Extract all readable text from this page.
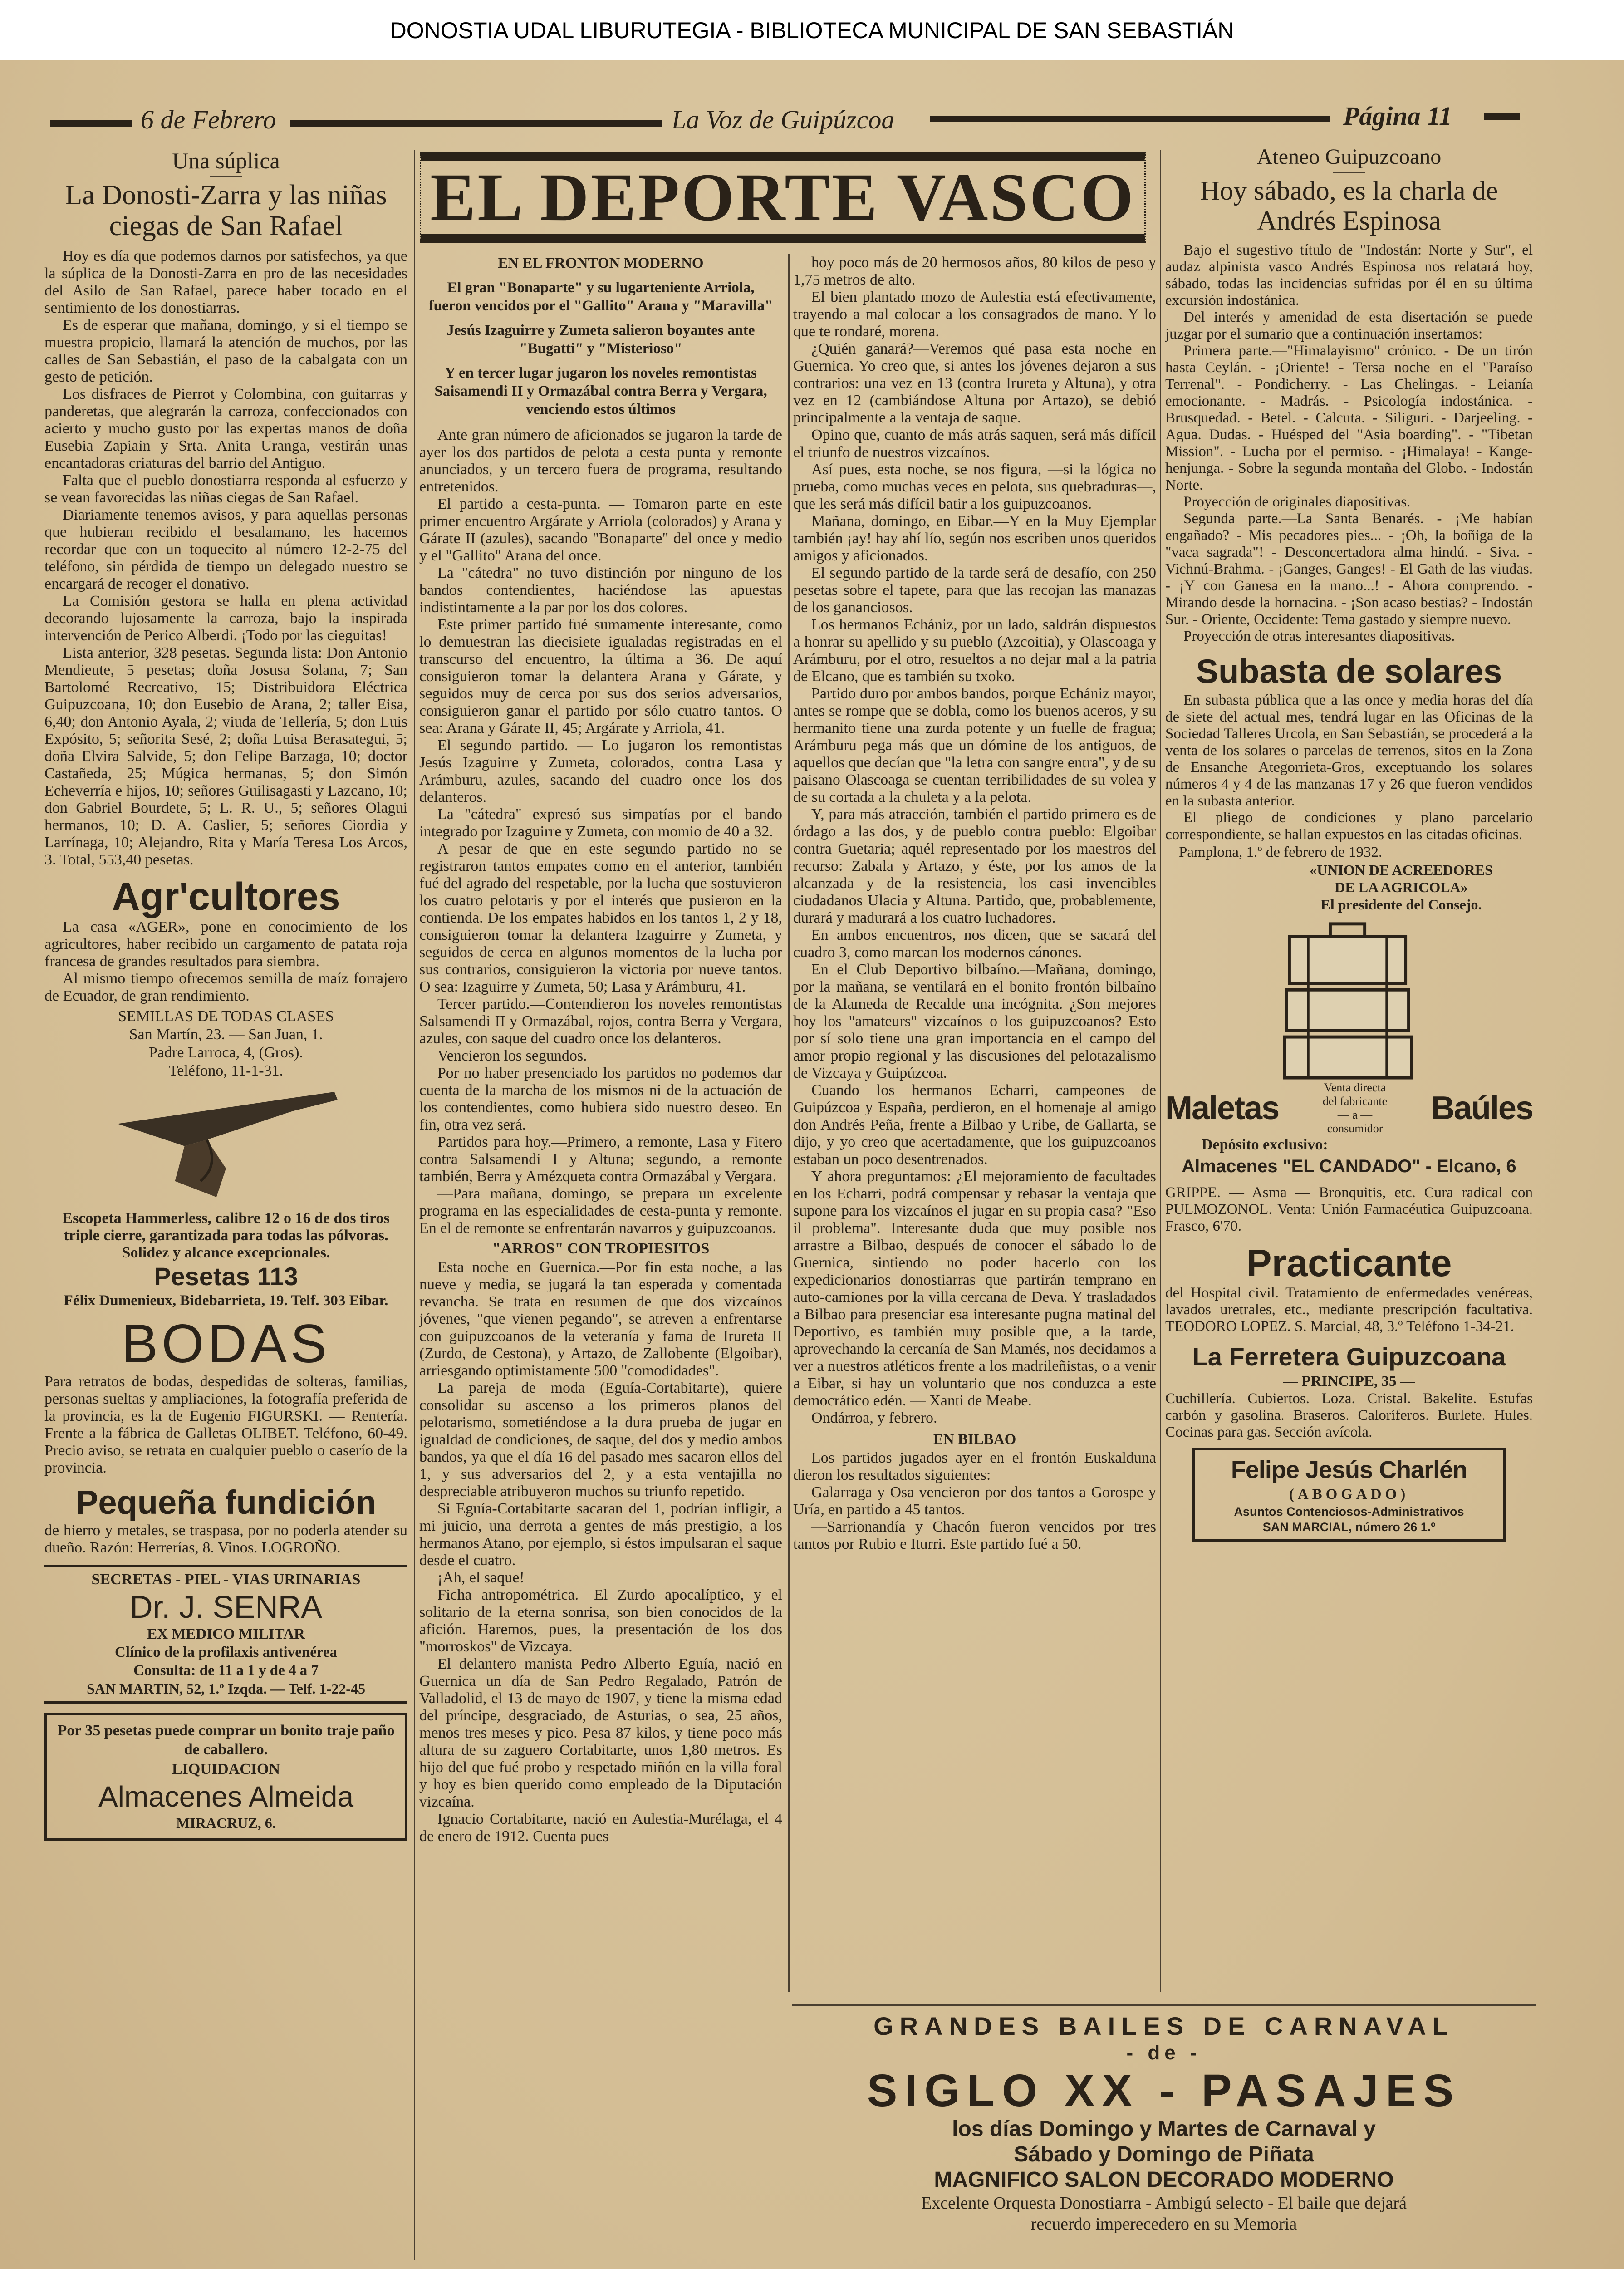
DONOSTIA UDAL LIBURUTEGIA - BIBLIOTECA MUNICIPAL DE SAN SEBASTIÁN
6 de Febrero	La Voz de Guipúzcoa	Página 11
Una súplica
La Donosti-Zarra y las niñas ciegas de San Rafael

Hoy es día que podemos darnos por satisfechos, ya que la súplica de la Donosti-Zarra en pro de las necesidades del Asilo de San Rafael, parece haber tocado en el sentimiento de los donostiarras.

Es de esperar que mañana, domingo, y si el tiempo se muestra propicio, llamará la atención de muchos, por las calles de San Sebastián, el paso de la cabalgata con un gesto de petición.

Los disfraces de Pierrot y Colombina, con guitarras y panderetas, que alegrarán la carroza, confeccionados con acierto y mucho gusto por las expertas manos de doña Eusebia Zapiain y Srta. Anita Uranga, vestirán unas encantadoras criaturas del barrio del Antiguo.

Falta que el pueblo donostiarra responda al esfuerzo y se vean favorecidas las niñas ciegas de San Rafael.

Diariamente tenemos avisos, y para aquellas personas que hubieran recibido el besalamano, les hacemos recordar que con un toquecito al número 12-2-75 del teléfono, sin pérdida de tiempo un delegado nuestro se encargará de recoger el donativo.

La Comisión gestora se halla en plena actividad decorando lujosamente la carroza, bajo la inspirada intervención de Perico Alberdi. ¡Todo por las cieguitas!

Lista anterior, 328 pesetas. Segunda lista: Don Antonio Mendieute, 5 pesetas; doña Josusa Solana, 7; San Bartolomé Recreativo, 15; Distribuidora Eléctrica Guipuzcoana, 10; don Eusebio de Arana, 2; taller Eisa, 6,40; don Antonio Ayala, 2; viuda de Tellería, 5; don Luis Expósito, 5; señorita Sesé, 2; doña Luisa Berasategui, 5; doña Elvira Salvide, 5; don Felipe Barzaga, 10; doctor Castañeda, 25; Múgica hermanas, 5; don Simón Echeverría e hijos, 10; señores Guilisagasti y Lazcano, 10; don Gabriel Bourdete, 5; L. R. U., 5; señores Olagui hermanos, 10; D. A. Caslier, 5; señores Ciordia y Larrínaga, 10; Alejandro, Rita y María Teresa Los Arcos, 3. Total, 553,40 pesetas.

Agr'cultores

La casa «AGER», pone en conocimiento de los agricultores, haber recibido un cargamento de patata roja francesa de grandes resultados para siembra.

Al mismo tiempo ofrecemos semilla de maíz forrajero de Ecuador, de gran rendimiento.

SEMILLAS DE TODAS CLASES

San Martín, 23. — San Juan, 1.

Padre Larroca, 4, (Gros).

Teléfono, 11-1-31.

Escopeta Hammerless, calibre 12 o 16 de dos tiros triple cierre, garantizada para todas las pólvoras. Solidez y alcance excepcionales.
Pesetas 113
Félix Dumenieux, Bidebarrieta, 19. Telf. 303 Eibar.
BODAS
Para retratos de bodas, despedidas de solteras, familias, personas sueltas y ampliaciones, la fotografía preferida de la provincia, es la de Eugenio FIGURSKI. — Rentería. Frente a la fábrica de Galletas OLIBET. Teléfono, 60-49. Precio aviso, se retrata en cualquier pueblo o caserío de la provincia.
Pequeña fundición
de hierro y metales, se traspasa, por no poderla atender su dueño. Razón: Herrerías, 8. Vinos. LOGROÑO.
SECRETAS - PIEL - VIAS URINARIAS
Dr. J. SENRA
EX MEDICO MILITAR
Clínico de la profilaxis antivenérea
Consulta: de 11 a 1 y de 4 a 7
SAN MARTIN, 52, 1.º Izqda. — Telf. 1-22-45
Por 35 pesetas puede comprar un bonito traje paño de caballero.
LIQUIDACION
Almacenes Almeida
MIRACRUZ, 6.
EL DEPORTE VASCO
EN EL FRONTON MODERNO
El gran "Bonaparte" y su lugarteniente Arriola, fueron vencidos por el "Gallito" Arana y "Maravilla"
Jesús Izaguirre y Zumeta salieron boyantes ante "Bugatti" y "Misterioso"
Y en tercer lugar jugaron los noveles remontistas Saisamendi II y Ormazábal contra Berra y Vergara, venciendo estos últimos

Ante gran número de aficionados se jugaron la tarde de ayer los dos partidos de pelota a cesta punta y remonte anunciados, y un tercero fuera de programa, resultando entretenidos.

El partido a cesta-punta. — Tomaron parte en este primer encuentro Argárate y Arriola (colorados) y Arana y Gárate II (azules), sacando "Bonaparte" del once y medio y el "Gallito" Arana del once.

La "cátedra" no tuvo distinción por ninguno de los bandos contendientes, haciéndose las apuestas indistintamente a la par por los dos colores.

Este primer partido fué sumamente interesante, como lo demuestran las diecisiete igualadas registradas en el transcurso del encuentro, la última a 36. De aquí consiguieron tomar la delantera Arana y Gárate, y seguidos muy de cerca por sus dos serios adversarios, consiguieron ganar el partido por sólo cuatro tantos. O sea: Arana y Gárate II, 45; Argárate y Arriola, 41.

El segundo partido. — Lo jugaron los remontistas Jesús Izaguirre y Zumeta, colorados, contra Lasa y Arámburu, azules, sacando del cuadro once los dos delanteros.

La "cátedra" expresó sus simpatías por el bando integrado por Izaguirre y Zumeta, con momio de 40 a 32.

A pesar de que en este segundo partido no se registraron tantos empates como en el anterior, también fué del agrado del respetable, por la lucha que sostuvieron los cuatro pelotaris y por el interés que pusieron en la contienda. De los empates habidos en los tantos 1, 2 y 18, consiguieron tomar la delantera Izaguirre y Zumeta, y seguidos de cerca en algunos momentos de la lucha por sus contrarios, consiguieron la victoria por nueve tantos. O sea: Izaguirre y Zumeta, 50; Lasa y Arámburu, 41.

Tercer partido.—Contendieron los noveles remontistas Salsamendi II y Ormazábal, rojos, contra Berra y Vergara, azules, con saque del cuadro once los delanteros.

Vencieron los segundos.

Por no haber presenciado los partidos no podemos dar cuenta de la marcha de los mismos ni de la actuación de los contendientes, como hubiera sido nuestro deseo. En fin, otra vez será.

Partidos para hoy.—Primero, a remonte, Lasa y Fitero contra Salsamendi I y Altuna; segundo, a remonte también, Berra y Amézqueta contra Ormazábal y Vergara.

—Para mañana, domingo, se prepara un excelente programa en las especialidades de cesta-punta y remonte. En el de remonte se enfrentarán navarros y guipuzcoanos.

"ARROS" CON TROPIESITOS

Esta noche en Guernica.—Por fin esta noche, a las nueve y media, se jugará la tan esperada y comentada revancha. Se trata en resumen de que dos vizcaínos jóvenes, "que vienen pegando", se atreven a enfrentarse con guipuzcoanos de la veteranía y fama de Irureta II (Zurdo, de Cestona), y Artazo, de Zallobente (Elgoibar), arriesgando optimistamente 500 "comodidades".

La pareja de moda (Eguía-Cortabitarte), quiere consolidar su ascenso a los primeros planos del pelotarismo, sometiéndose a la dura prueba de jugar en igualdad de condiciones, de saque, del dos y medio ambos bandos, ya que el día 16 del pasado mes sacaron ellos del 1, y sus adversarios del 2, y a esta ventajilla no despreciable atribuyeron muchos su triunfo repetido.

Si Eguía-Cortabitarte sacaran del 1, podrían infligir, a mi juicio, una derrota a gentes de más prestigio, a los hermanos Atano, por ejemplo, si éstos impulsaran el saque desde el cuatro.

¡Ah, el saque!

Ficha antropométrica.—El Zurdo apocalíptico, y el solitario de la eterna sonrisa, son bien conocidos de la afición. Haremos, pues, la presentación de los dos "morroskos" de Vizcaya.

El delantero manista Pedro Alberto Eguía, nació en Guernica un día de San Pedro Regalado, Patrón de Valladolid, el 13 de mayo de 1907, y tiene la misma edad del príncipe, desgraciado, de Asturias, o sea, 25 años, menos tres meses y pico. Pesa 87 kilos, y tiene poco más altura de su zaguero Cortabitarte, unos 1,80 metros. Es hijo del que fué probo y respetado miñón en la villa foral y hoy es bien querido como empleado de la Diputación vizcaína.

Ignacio Cortabitarte, nació en Aulestia-Murélaga, el 4 de enero de 1912. Cuenta pues

hoy poco más de 20 hermosos años, 80 kilos de peso y 1,75 metros de alto.

El bien plantado mozo de Aulestia está efectivamente, trayendo a mal colocar a los consagrados de mano. Y lo que te rondaré, morena.

¿Quién ganará?—Veremos qué pasa esta noche en Guernica. Yo creo que, si antes los jóvenes dejaron a sus contrarios: una vez en 13 (contra Irureta y Altuna), y otra vez en 12 (cambiándose Altuna por Artazo), se debió principalmente a la ventaja de saque.

Opino que, cuanto de más atrás saquen, será más difícil el triunfo de nuestros vizcaínos.

Así pues, esta noche, se nos figura, —si la lógica no prueba, como muchas veces en pelota, sus quebraduras—, que les será más difícil batir a los guipuzcoanos.

Mañana, domingo, en Eibar.—Y en la Muy Ejemplar también ¡ay! hay ahí lío, según nos escriben unos queridos amigos y aficionados.

El segundo partido de la tarde será de desafío, con 250 pesetas sobre el tapete, para que las recojan las manazas de los gananciosos.

Los hermanos Echániz, por un lado, saldrán dispuestos a honrar su apellido y su pueblo (Azcoitia), y Olascoaga y Arámburu, por el otro, resueltos a no dejar mal a la patria de Elcano, que es también su txoko.

Partido duro por ambos bandos, porque Echániz mayor, antes se rompe que se dobla, como los buenos aceros, y su hermanito tiene una zurda potente y un fuelle de fragua; Arámburu pega más que un dómine de los antiguos, de aquellos que decían que "la letra con sangre entra", y de su paisano Olascoaga se cuentan terribilidades de su volea y de su cortada a la chuleta y a la pelota.

Y, para más atracción, también el partido primero es de órdago a las dos, y de pueblo contra pueblo: Elgoibar contra Guetaria; aquél representado por los maestros del recurso: Zabala y Artazo, y éste, por los amos de la alcanzada y de la resistencia, los casi invencibles ciudadanos Ulacia y Altuna. Partido, que, probablemente, durará y madurará a los cuatro luchadores.

En ambos encuentros, nos dicen, que se sacará del cuadro 3, como marcan los modernos cánones.

En el Club Deportivo bilbaíno.—Mañana, domingo, por la mañana, se ventilará en el bonito frontón bilbaíno de la Alameda de Recalde una incógnita. ¿Son mejores hoy los "amateurs" vizcaínos o los guipuzcoanos? Esto por sí solo tiene una gran importancia en el campo del amor propio regional y las discusiones del pelotazalismo de Vizcaya y Guipúzcoa.

Cuando los hermanos Echarri, campeones de Guipúzcoa y España, perdieron, en el homenaje al amigo don Andrés Peña, frente a Bilbao y Uribe, de Gallarta, se dijo, y yo creo que acertadamente, que los guipuzcoanos estaban un poco desentrenados.

Y ahora preguntamos: ¿El mejoramiento de facultades en los Echarri, podrá compensar y rebasar la ventaja que supone para los vizcaínos el jugar en su propia casa? "Eso il problema". Interesante duda que muy posible nos arrastre a Bilbao, después de conocer el sábado lo de Guernica, sintiendo no poder hacerlo con los expedicionarios donostiarras que partirán temprano en auto-camiones por la villa cercana de Deva. Y trasladados a Bilbao para presenciar esa interesante pugna matinal del Deportivo, es también muy posible que, a la tarde, aprovechando la cercanía de San Mamés, nos decidamos a ver a nuestros atléticos frente a los madrileñistas, o a venir a Eibar, si hay un voluntario que nos conduzca a este democrático edén. — Xanti de Meabe.

Ondárroa, y febrero.

EN BILBAO

Los partidos jugados ayer en el frontón Euskalduna dieron los resultados siguientes:

Galarraga y Osa vencieron por dos tantos a Gorospe y Uría, en partido a 45 tantos.

—Sarrionandía y Chacón fueron vencidos por tres tantos por Rubio e Iturri. Este partido fué a 50.

Ateneo Guipuzcoano
Hoy sábado, es la charla de Andrés Espinosa

Bajo el sugestivo título de "Indostán: Norte y Sur", el audaz alpinista vasco Andrés Espinosa nos relatará hoy, sábado, todas las incidencias sufridas por él en su última excursión indostánica.

Del interés y amenidad de esta disertación se puede juzgar por el sumario que a continuación insertamos:

Primera parte.—"Himalayismo" crónico. - De un tirón hasta Ceylán. - ¡Oriente! - Tersa noche en el "Paraíso Terrenal". - Pondicherry. - Las Chelingas. - Leianía emocionante. - Madrás. - Psicología indostánica. - Brusquedad. - Betel. - Calcuta. - Siliguri. - Darjeeling. - Agua. Dudas. - Huésped del "Asia boarding". - "Tibetan Mission". - Lucha por el permiso. - ¡Himalaya! - Kange-henjunga. - Sobre la segunda montaña del Globo. - Indostán Norte.

Proyección de originales diapositivas.

Segunda parte.—La Santa Benarés. - ¡Me habían engañado? - Mis pecadores pies... - ¡Oh, la boñiga de la "vaca sagrada"! - Desconcertadora alma hindú. - Siva. - Vichnú-Brahma. - ¡Ganges, Ganges! - El Gath de las viudas. - ¡Y con Ganesa en la mano...! - Ahora comprendo. - Mirando desde la hornacina. - ¡Son acaso bestias? - Indostán Sur. - Oriente, Occidente: Tema gastado y siempre nuevo.

Proyección de otras interesantes diapositivas.

Subasta de solares

En subasta pública que a las once y media horas del día de siete del actual mes, tendrá lugar en las Oficinas de la Sociedad Talleres Urcola, en San Sebastián, se procederá a la venta de los solares o parcelas de terrenos, sitos en la Zona de Ensanche Ategorrieta-Gros, exceptuando los solares números 4 y 4 de las manzanas 17 y 26 que fueron vendidos en la subasta anterior.

El pliego de condiciones y plano parcelario correspondiente, se hallan expuestos en las citadas oficinas.

Pamplona, 1.º de febrero de 1932.
«UNION DE ACREEDORES
DE LA AGRICOLA»
El presidente del Consejo.
Maletas
Venta directa
del fabricante
— a —
consumidor
Baúles
Depósito exclusivo:
Almacenes "EL CANDADO" - Elcano, 6
GRIPPE. — Asma — Bronquitis, etc. Cura radical con PULMOZONOL. Venta: Unión Farmacéutica Guipuzcoana. Frasco, 6'70.
Practicante
del Hospital civil. Tratamiento de enfermedades venéreas, lavados uretrales, etc., mediante prescripción facultativa. TEODORO LOPEZ. S. Marcial, 48, 3.º Teléfono 1-34-21.
La Ferretera Guipuzcoana
— PRINCIPE, 35 —
Cuchillería. Cubiertos. Loza. Cristal. Bakelite. Estufas carbón y gasolina. Braseros. Caloríferos. Burlete. Hules. Cocinas para gas. Sección avícola.
Felipe Jesús Charlén
(ABOGADO)
Asuntos Contenciosos-Administrativos
SAN MARCIAL, número 26 1.º
GRANDES BAILES DE CARNAVAL
- de -
SIGLO XX - PASAJES
los días Domingo y Martes de Carnaval y
Sábado y Domingo de Piñata
MAGNIFICO SALON DECORADO MODERNO
Excelente Orquesta Donostiarra - Ambigú selecto - El baile que dejará
recuerdo imperecedero en su Memoria
